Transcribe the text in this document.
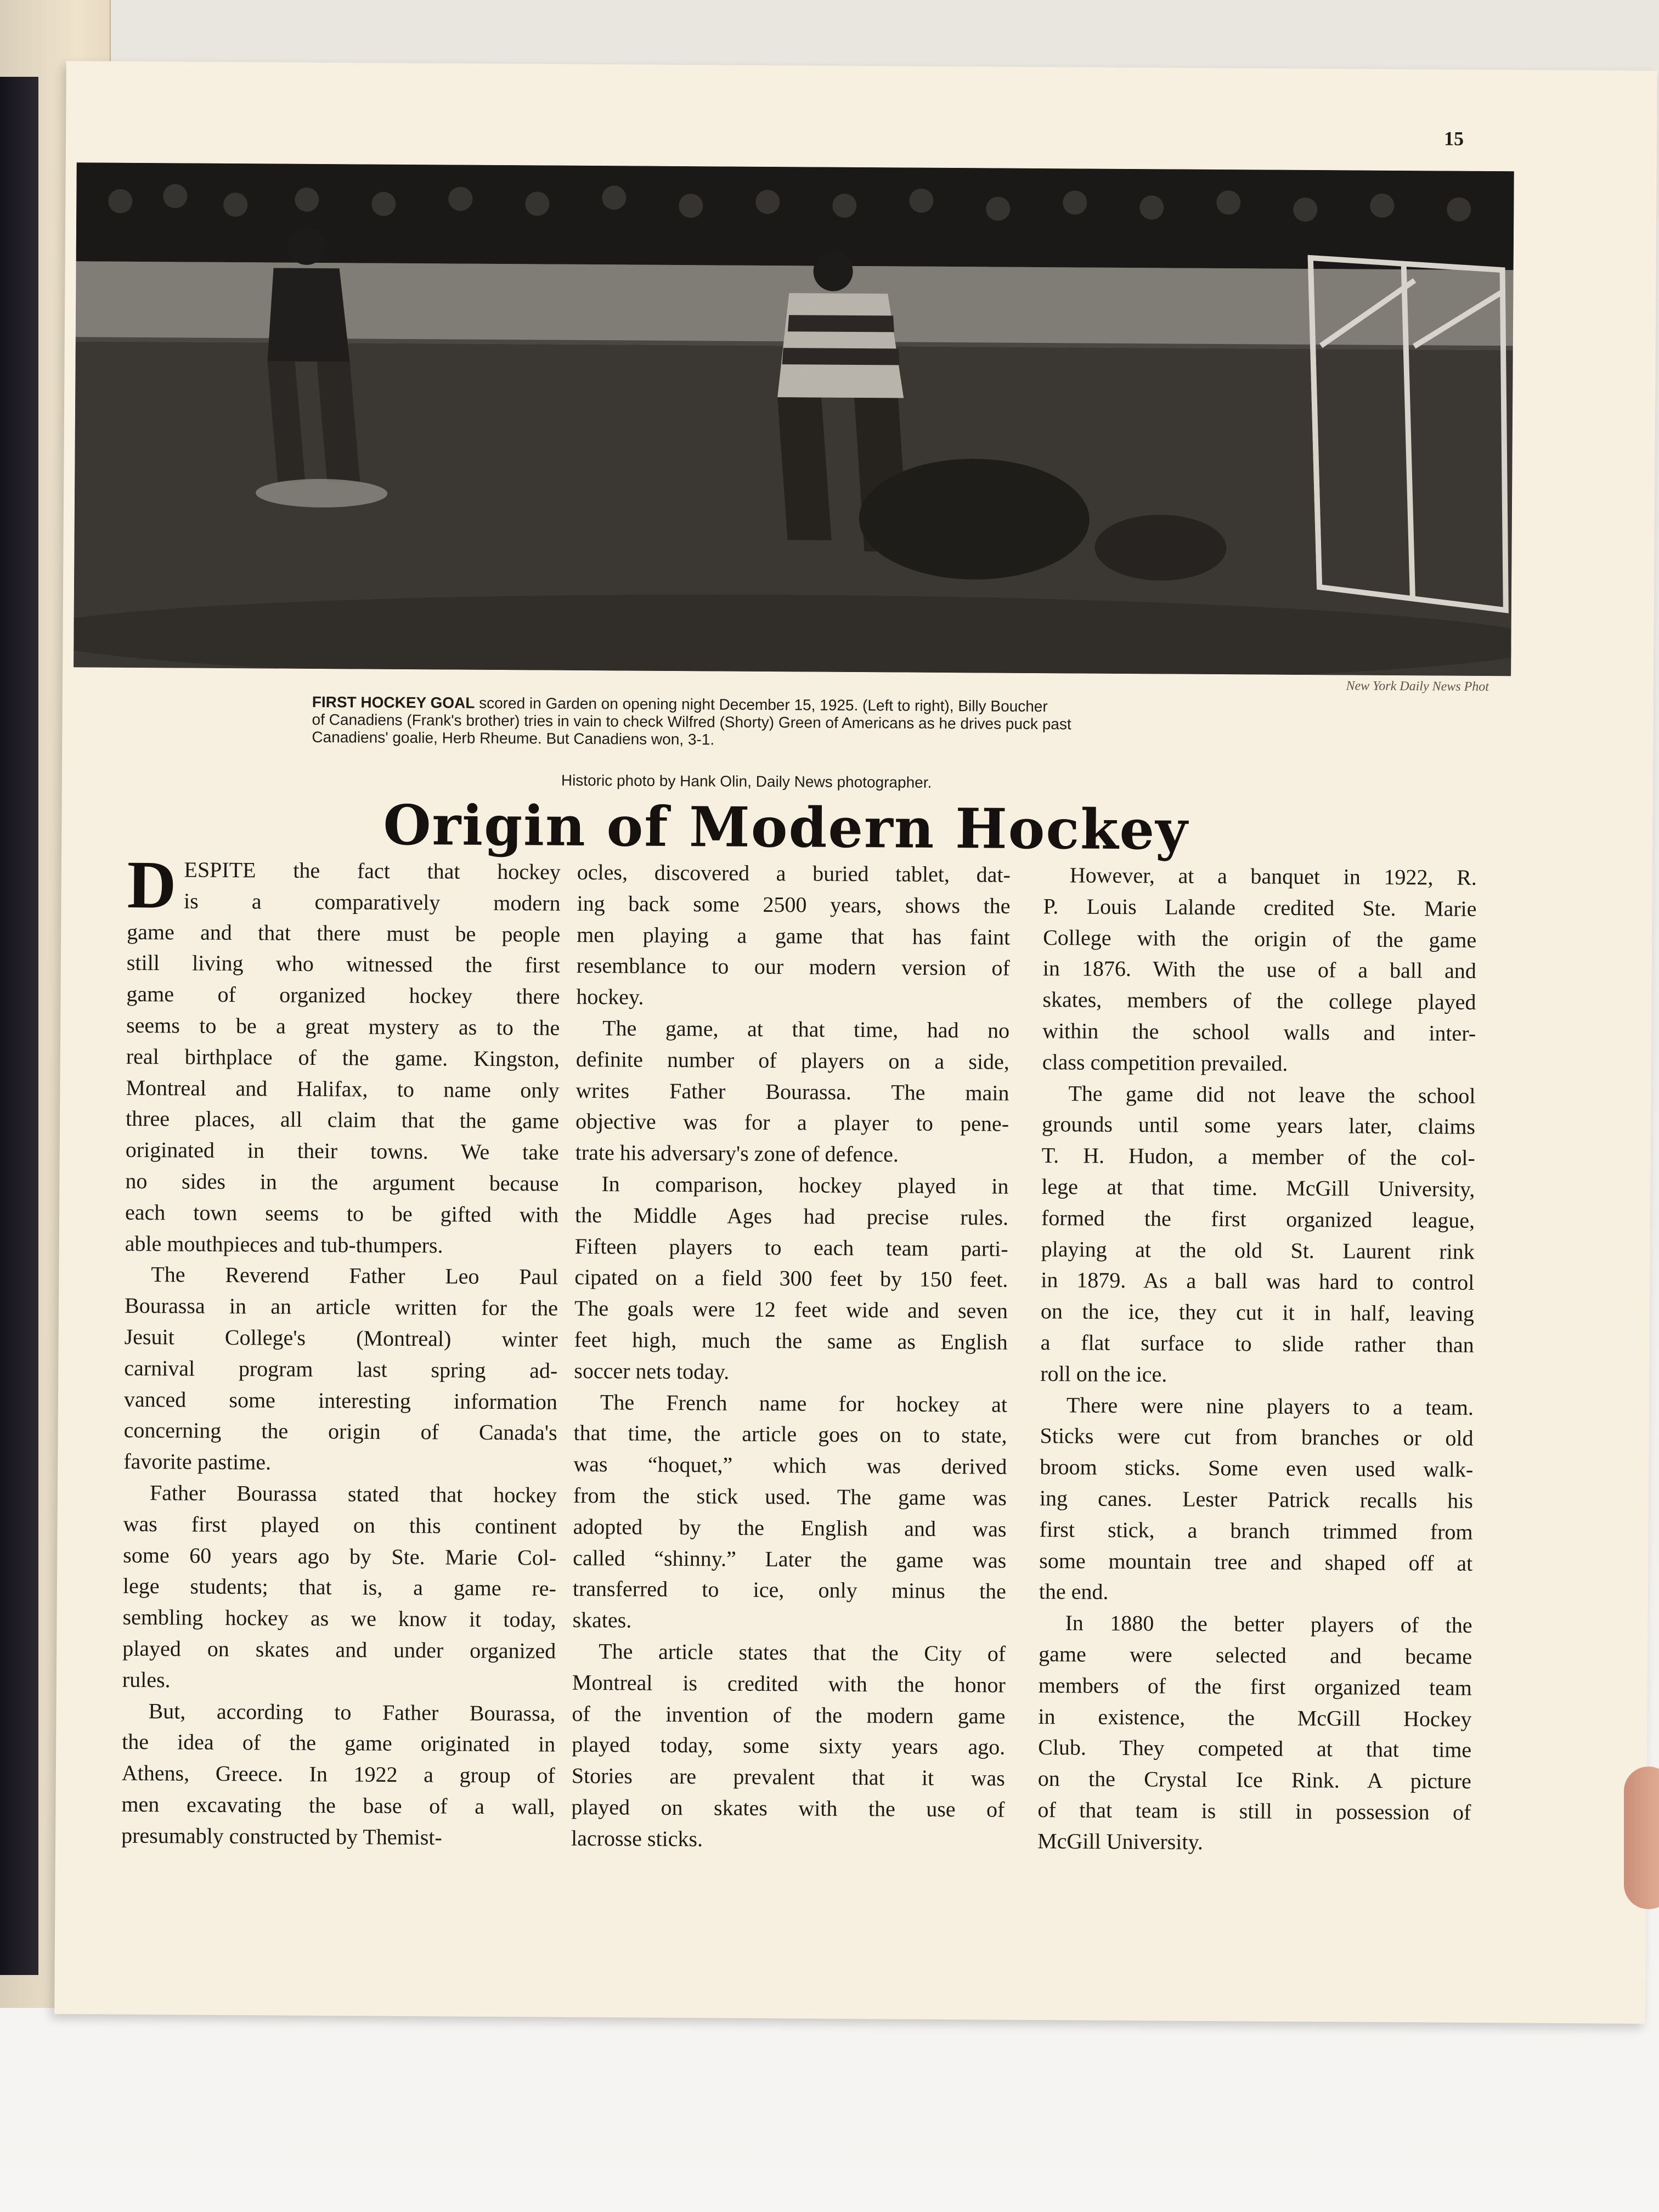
15
New York Daily News Phot
FIRST HOCKEY GOAL scored in Garden on opening night December 15, 1925. (Left to right), Billy Boucher
of Canadiens (Frank's brother) tries in vain to check Wilfred (Shorty) Green of Americans as he drives puck past
Canadiens' goalie, Herb Rheume. But Canadiens won, 3-1.
Historic photo by Hank Olin, Daily News photographer.
Origin of Modern Hockey
D ESPITE the fact that hockey
is a comparatively modern
game and that there must be people
still living who witnessed the first
game of organized hockey there
seems to be a great mystery as to the
real birthplace of the game. Kingston,
Montreal and Halifax, to name only
three places, all claim that the game
originated in their towns. We take
no sides in the argument because
each town seems to be gifted with
able mouthpieces and tub-thumpers.
The Reverend Father Leo Paul
Bourassa in an article written for the
Jesuit College's (Montreal) winter
carnival program last spring ad-
vanced some interesting information
concerning the origin of Canada's
favorite pastime.
Father Bourassa stated that hockey
was first played on this continent
some 60 years ago by Ste. Marie Col-
lege students; that is, a game re-
sembling hockey as we know it today,
played on skates and under organized
rules.
But, according to Father Bourassa,
the idea of the game originated in
Athens, Greece. In 1922 a group of
men excavating the base of a wall,
presumably constructed by Themist-
ocles, discovered a buried tablet, dat-
ing back some 2500 years, shows the
men playing a game that has faint
resemblance to our modern version of
hockey.
The game, at that time, had no
definite number of players on a side,
writes Father Bourassa. The main
objective was for a player to pene-
trate his adversary's zone of defence.
In comparison, hockey played in
the Middle Ages had precise rules.
Fifteen players to each team parti-
cipated on a field 300 feet by 150 feet.
The goals were 12 feet wide and seven
feet high, much the same as English
soccer nets today.
The French name for hockey at
that time, the article goes on to state,
was “hoquet,” which was derived
from the stick used. The game was
adopted by the English and was
called “shinny.” Later the game was
transferred to ice, only minus the
skates.
The article states that the City of
Montreal is credited with the honor
of the invention of the modern game
played today, some sixty years ago.
Stories are prevalent that it was
played on skates with the use of
lacrosse sticks.
However, at a banquet in 1922, R.
P. Louis Lalande credited Ste. Marie
College with the origin of the game
in 1876. With the use of a ball and
skates, members of the college played
within the school walls and inter-
class competition prevailed.
The game did not leave the school
grounds until some years later, claims
T. H. Hudon, a member of the col-
lege at that time. McGill University,
formed the first organized league,
playing at the old St. Laurent rink
in 1879. As a ball was hard to control
on the ice, they cut it in half, leaving
a flat surface to slide rather than
roll on the ice.
There were nine players to a team.
Sticks were cut from branches or old
broom sticks. Some even used walk-
ing canes. Lester Patrick recalls his
first stick, a branch trimmed from
some mountain tree and shaped off at
the end.
In 1880 the better players of the
game were selected and became
members of the first organized team
in existence, the McGill Hockey
Club. They competed at that time
on the Crystal Ice Rink. A picture
of that team is still in possession of
McGill University.
